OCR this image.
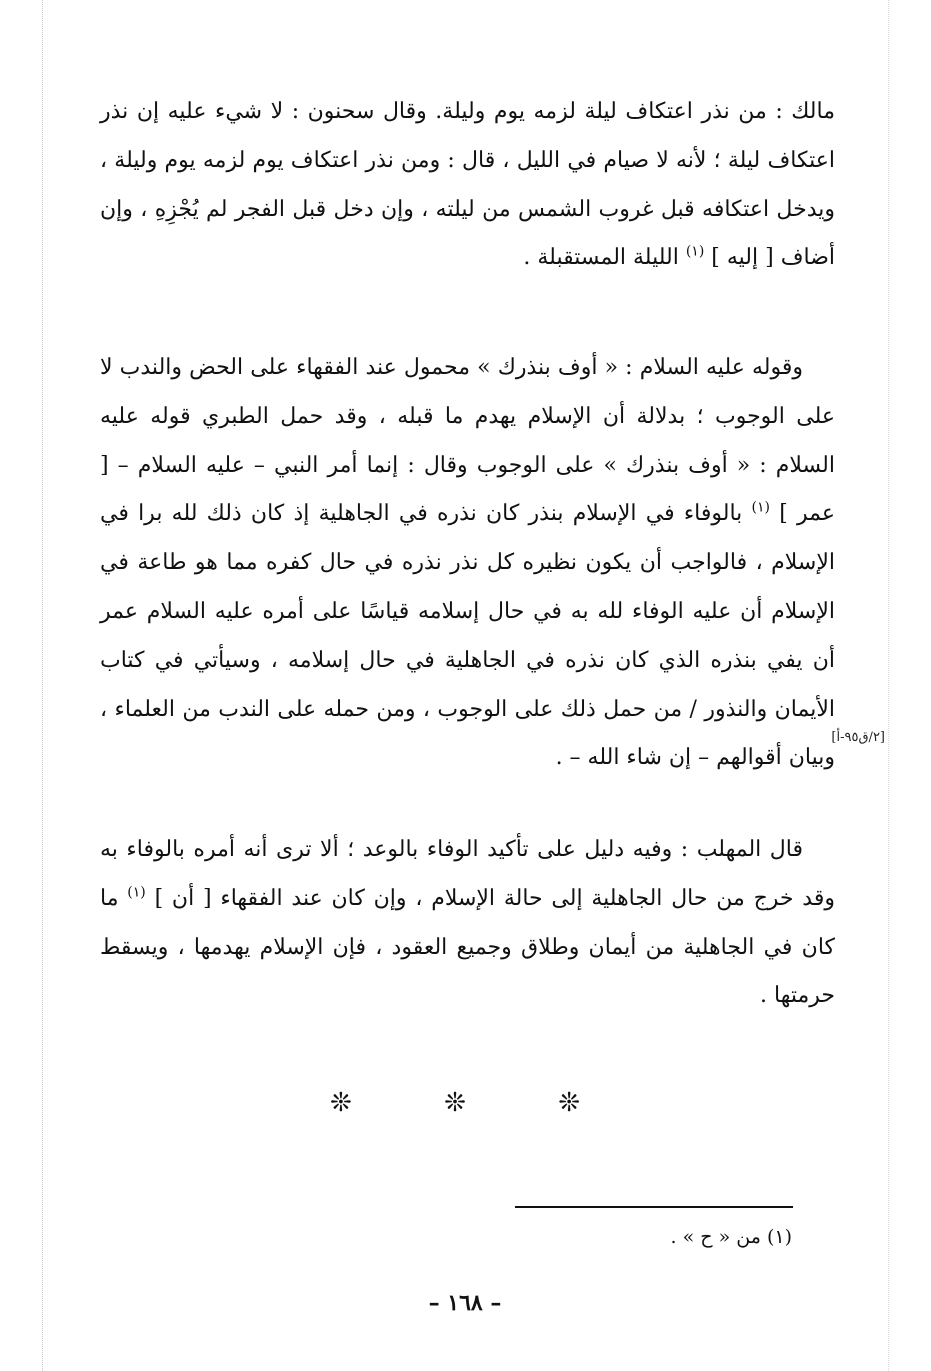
مالك : من نذر اعتكاف ليلة لزمه يوم وليلة. وقال سحنون : لا شيء عليه إن نذر اعتكاف ليلة ؛ لأنه لا صيام في الليل ، قال : ومن نذر اعتكاف يوم لزمه يوم وليلة ، ويدخل اعتكافه قبل غروب الشمس من ليلته ، وإن دخل قبل الفجر لم يُجْزِهِ ، وإن أضاف [ إليه ] $^{(١)}$ الليلة المستقبلة .

وقوله عليه السلام : « أوف بنذرك » محمول عند الفقهاء على الحض والندب لا على الوجوب ؛ بدلالة أن الإسلام يهدم ما قبله ، وقد حمل الطبري قوله عليه السلام : « أوف بنذرك » على الوجوب وقال : إنما أمر النبي – عليه السلام – [ عمر ] $^{(١)}$ بالوفاء في الإسلام بنذر كان نذره في الجاهلية إذ كان ذلك لله برا في الإسلام ، فالواجب أن يكون نظيره كل نذر نذره في حال كفره مما هو طاعة في الإسلام أن عليه الوفاء لله به في حال إسلامه قياسًا على أمره عليه السلام عمر أن يفي بنذره الذي كان نذره في الجاهلية في حال إسلامه ، وسيأتي في كتاب الأيمان والنذور / من حمل ذلك على الوجوب ، ومن حمله على الندب من العلماء ، وبيان أقوالهم – إن شاء الله – .

[٢/ق٩٥-أ]

قال المهلب : وفيه دليل على تأكيد الوفاء بالوعد ؛ ألا ترى أنه أمره بالوفاء به وقد خرج من حال الجاهلية إلى حالة الإسلام ، وإن كان عند الفقهاء [ أن ] $^{(١)}$ ما كان في الجاهلية من أيمان وطلاق وجميع العقود ، فإن الإسلام يهدمها ، ويسقط حرمتها .

❊	❊	❊
(١) من « ح » .
– ١٦٨ –
